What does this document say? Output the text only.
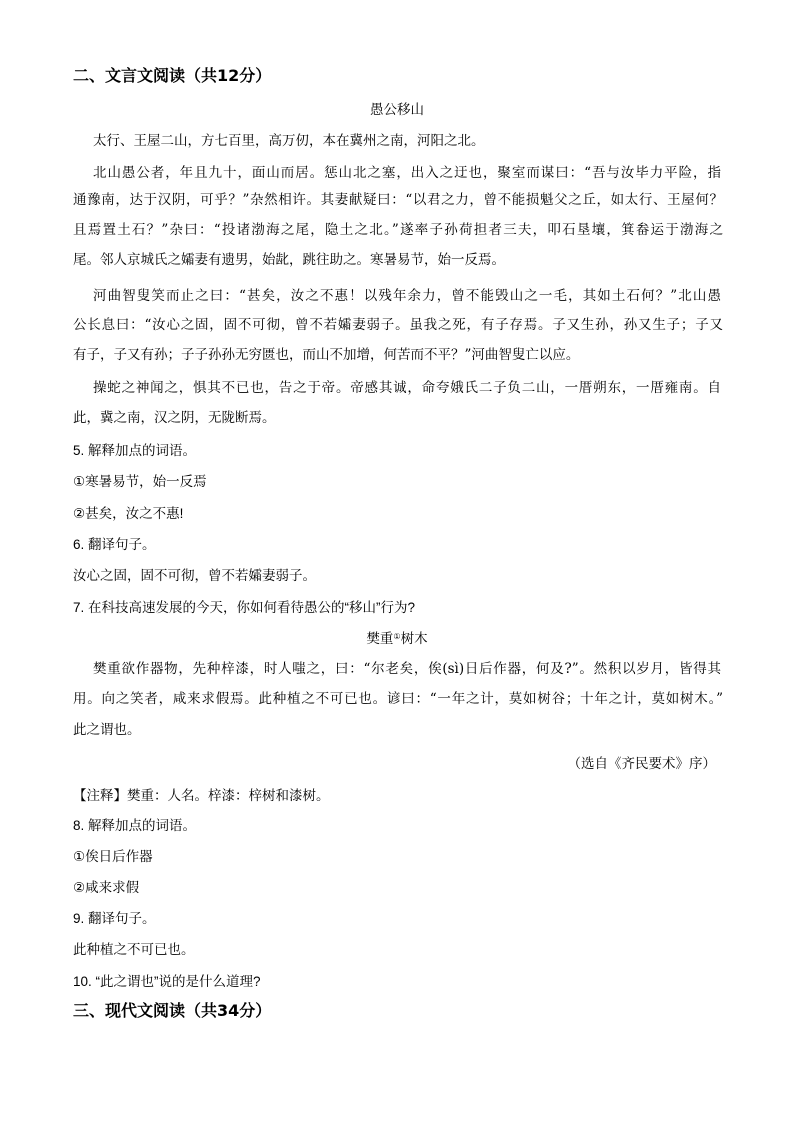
二、文言文阅读（共12分）
愚公移山
太行、王屋二山，方七百里，高万仞，本在冀州之南，河阳之北。
北山愚公者，年且九十，面山而居。惩山北之塞，出入之迂也，聚室而谋曰：“吾与汝毕力平险，指
通豫南，达于汉阴，可乎？”杂然相许。其妻献疑曰：“以君之力，曾不能损魁父之丘，如太行、王屋何？
且焉置土石？”杂曰：“投诸渤海之尾，隐土之北。”遂率子孙荷担者三夫，叩石垦壤，箕畚运于渤海之
尾。邻人京城氏之孀妻有遗男，始龀，跳往助之。寒暑易节，始一反焉。
河曲智叟笑而止之曰：“甚矣，汝之不惠！以残年余力，曾不能毁山之一毛，其如土石何？”北山愚
公长息曰：“汝心之固，固不可彻，曾不若孀妻弱子。虽我之死，有子存焉。子又生孙，孙又生子；子又
有子，子又有孙；子子孙孙无穷匮也，而山不加增，何苦而不平？”河曲智叟亡以应。
操蛇之神闻之，惧其不已也，告之于帝。帝感其诚，命夸娥氏二子负二山，一厝朔东，一厝雍南。自
此，冀之南，汉之阴，无陇断焉。
5. 解释加点的词语。
①寒暑易节，始一反焉
②甚矣，汝之不惠!
6. 翻译句子。
汝心之固，固不可彻，曾不若孀妻弱子。
7. 在科技高速发展的今天，你如何看待愚公的“移山”行为?
樊重①树木
樊重欲作器物，先种梓漆，时人嗤之，曰：“尔老矣，俟(sì)日后作器，何及?”。然积以岁月，皆得其
用。向之笑者，咸来求假焉。此种植之不可已也。谚曰：“一年之计，莫如树谷；十年之计，莫如树木。”
此之谓也。
（选自《齐民要术》序）
【注释】樊重：人名。梓漆：梓树和漆树。
8. 解释加点的词语。
①俟日后作器
②咸来求假
9. 翻译句子。
此种植之不可已也。
10. “此之谓也”说的是什么道理?
三、现代文阅读（共34分）
